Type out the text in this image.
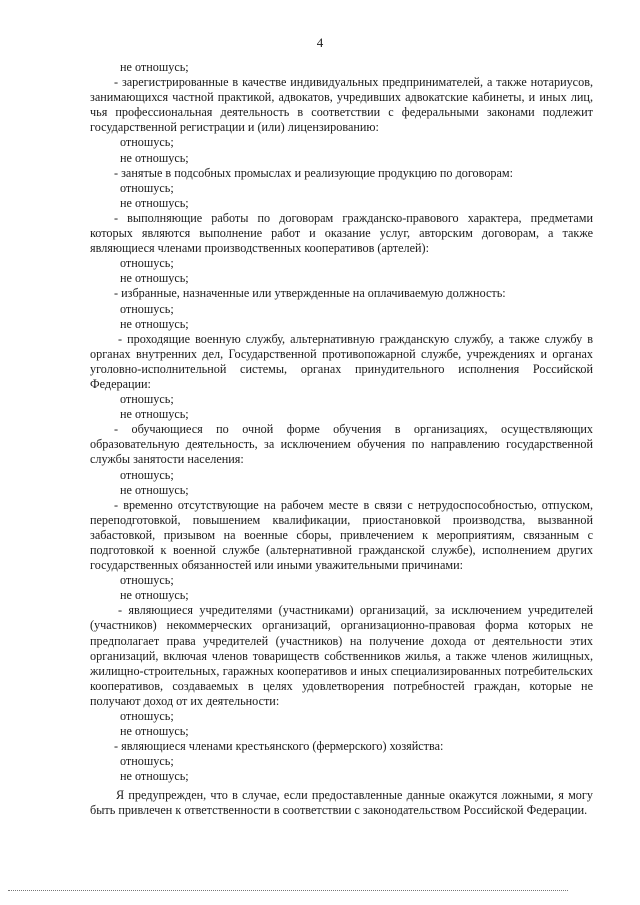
4

не отношусь;

- зарегистрированные в качестве индивидуальных предпринимателей, а также нотариусов, занимающихся частной практикой, адвокатов, учредивших адвокатские кабинеты, и иных лиц, чья профессиональная деятельность в соответствии с федеральными законами подлежит государственной регистрации и (или) лицензированию:

отношусь;

не отношусь;

- занятые в подсобных промыслах и реализующие продукцию по договорам:

отношусь;

не отношусь;

- выполняющие работы по договорам гражданско-правового характера, предметами которых являются выполнение работ и оказание услуг, авторским договорам, а также являющиеся членами производственных кооперативов (артелей):

отношусь;

не отношусь;

- избранные, назначенные или утвержденные на оплачиваемую должность:

отношусь;

не отношусь;

- проходящие военную службу, альтернативную гражданскую службу, а также службу в органах внутренних дел, Государственной противопожарной службе, учреждениях и органах уголовно-исполнительной системы, органах принудительного исполнения Российской Федерации:

отношусь;

не отношусь;

- обучающиеся по очной форме обучения в организациях, осуществляющих образовательную деятельность, за исключением обучения по направлению государственной службы занятости населения:

отношусь;

не отношусь;

- временно отсутствующие на рабочем месте в связи с нетрудоспособностью, отпуском, переподготовкой, повышением квалификации, приостановкой производства, вызванной забастовкой, призывом на военные сборы, привлечением к мероприятиям, связанным с подготовкой к военной службе (альтернативной гражданской службе), исполнением других государственных обязанностей или иными уважительными причинами:

отношусь;

не отношусь;

- являющиеся учредителями (участниками) организаций, за исключением учредителей (участников) некоммерческих организаций, организационно-правовая форма которых не предполагает права учредителей (участников) на получение дохода от деятельности этих организаций, включая членов товариществ собственников жилья, а также членов жилищных, жилищно-строительных, гаражных кооперативов и иных специализированных потребительских кооперативов, создаваемых в целях удовлетворения потребностей граждан, которые не получают доход от их деятельности:

отношусь;

не отношусь;

- являющиеся членами крестьянского (фермерского) хозяйства:

отношусь;

не отношусь;

Я предупрежден, что в случае, если предоставленные данные окажутся ложными, я могу быть привлечен к ответственности в соответствии с законодательством Российской Федерации.
